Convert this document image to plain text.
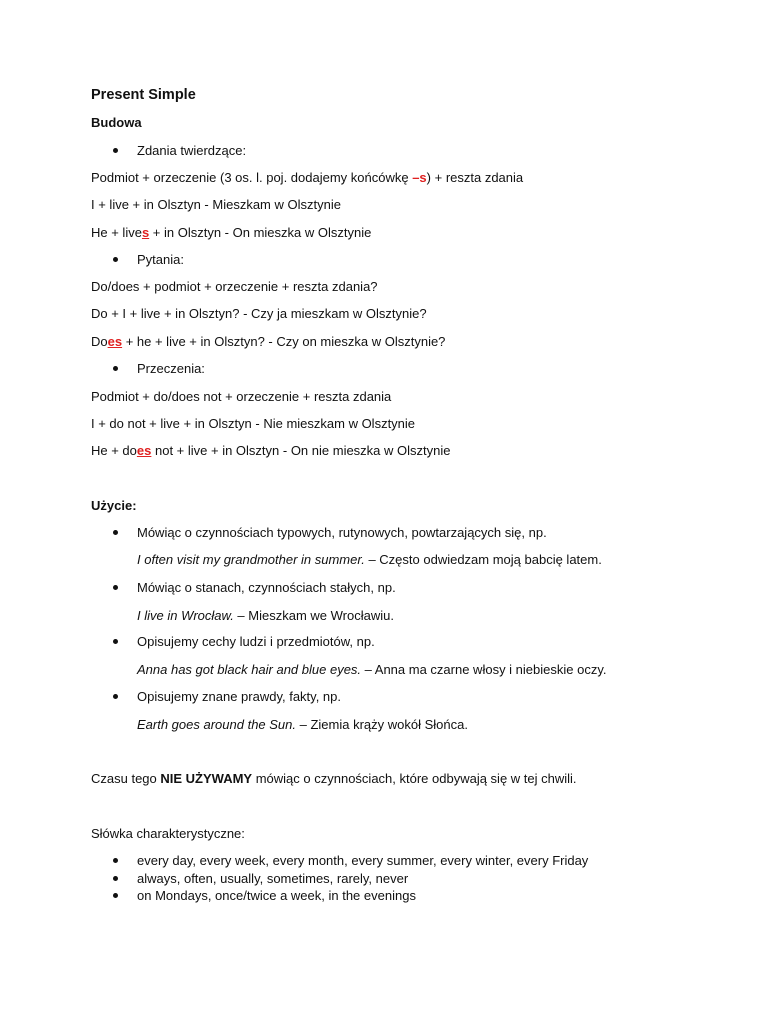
Present Simple
Budowa
Zdania twierdzące:
Podmiot + orzeczenie (3 os. l. poj. dodajemy końcówkę –s) + reszta zdania
I + live + in Olsztyn - Mieszkam w Olsztynie
He + lives + in Olsztyn - On mieszka w Olsztynie
Pytania:
Do/does + podmiot + orzeczenie + reszta zdania?
Do + I + live + in Olsztyn? - Czy ja mieszkam w Olsztynie?
Does + he + live + in Olsztyn? - Czy on mieszka w Olsztynie?
Przeczenia:
Podmiot + do/does not + orzeczenie + reszta zdania
I + do not + live + in Olsztyn - Nie mieszkam w Olsztynie
He + does not + live + in Olsztyn - On nie mieszka w Olsztynie
Użycie:
Mówiąc o czynnościach typowych, rutynowych, powtarzających się, np.
I often visit my grandmother in summer. – Często odwiedzam moją babcię latem.
Mówiąc o stanach, czynnościach stałych, np.
I live in Wrocław. – Mieszkam we Wrocławiu.
Opisujemy cechy ludzi i przedmiotów, np.
Anna has got black hair and blue eyes. – Anna ma czarne włosy i niebieskie oczy.
Opisujemy znane prawdy, fakty, np.
Earth goes around the Sun. – Ziemia krąży wokół Słońca.
Czasu tego NIE UŻYWAMY mówiąc o czynnościach, które odbywają się w tej chwili.
Słówka charakterystyczne:
every day, every week, every month, every summer, every winter, every Friday
always, often, usually, sometimes, rarely, never
on Mondays, once/twice a week, in the evenings
